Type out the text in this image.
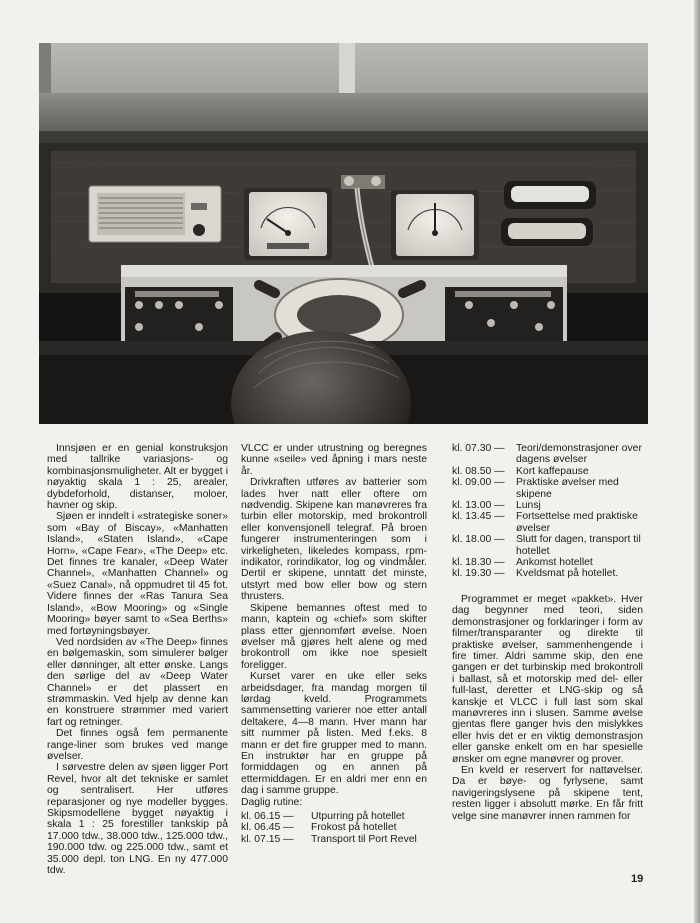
Innsjøen er en genial konstruksjon med tallrike variasjons- og kombinasjonsmuligheter. Alt er bygget i nøyaktig skala 1 : 25, arealer, dybdeforhold, distanser, moloer, havner og skip.

Sjøen er inndelt i «strategiske soner» som «Bay of Biscay», «Manhatten Island», «Staten Island», «Cape Horn», «Cape Fear», «The Deep» etc. Det finnes tre kanaler, «Deep Water Channel», «Manhatten Channel» og «Suez Canal», nå oppmudret til 45 fot. Videre finnes der «Ras Tanura Sea Island», «Bow Mooring» og «Single Mooring» bøyer samt to «Sea Berths» med fortøyningsbøyer.

Ved nordsiden av «The Deep» finnes en bølgemaskin, som simulerer bølger eller dønninger, alt etter ønske. Langs den sørlige del av «Deep Water Channel» er det plassert en strømmaskin. Ved hjelp av denne kan en konstruere strømmer med variert fart og retninger.

Det finnes også fem permanente range-liner som brukes ved mange øvelser.

I sørvestre delen av sjøen ligger Port Revel, hvor alt det tekniske er samlet og sentralisert. Her utføres reparasjoner og nye modeller bygges. Skipsmodellene bygget nøyaktig i skala 1 : 25 forestiller tankskip på 17.000 tdw., 38.000 tdw., 125.000 tdw., 190.000 tdw. og 225.000 tdw., samt et 35.000 depl. ton LNG. En ny 477.000 tdw.

VLCC er under utrustning og beregnes kunne «seile» ved åpning i mars neste år.

Drivkraften utføres av batterier som lades hver natt eller oftere om nødvendig. Skipene kan manøvreres fra turbin eller motorskip, med brokontroll eller konvensjonell telegraf. På broen fungerer instrumenteringen som i virkeligheten, likeledes kompass, rpm-indikator, rorindikator, log og vindmåler. Dertil er skipene, unntatt det minste, utstyrt med bow eller bow og stern thrusters.

Skipene bemannes oftest med to mann, kaptein og «chief» som skifter plass etter gjennomført øvelse. Noen øvelser må gjøres helt alene og med brokontroll om ikke noe spesielt foreligger.

Kurset varer en uke eller seks arbeidsdager, fra mandag morgen til lørdag kveld. Programmets sammensetting varierer noe etter antall deltakere, 4—8 mann. Hver mann har sitt nummer på listen. Med f.eks. 8 mann er det fire grupper med to mann. En instruktør har en gruppe på formiddagen og en annen på ettermiddagen. Er en aldri mer enn en dag i samme gruppe.

Daglig rutine:

kl. 06.15 —	Utpurring på hotellet
kl. 06.45 —	Frokost på hotellet
kl. 07.15 —	Transport til Port Revel
kl. 07.30 —	Teori/demonstrasjoner over dagens øvelser
kl. 08.50 —	Kort kaffepause
kl. 09.00 —	Praktiske øvelser med skipene
kl. 13.00 —	Lunsj
kl. 13.45 —	Fortsettelse med praktiske øvelser
kl. 18.00 —	Slutt for dagen, transport til hotellet
kl. 18.30 —	Ankomst hotellet
kl. 19.30 —	Kveldsmat på hotellet.

Programmet er meget «pakket». Hver dag begynner med teori, siden demonstrasjoner og forklaringer i form av filmer/transparanter og direkte til praktiske øvelser, sammenhengende i fire timer. Aldri samme skip, den ene gangen er det turbinskip med brokontroll i ballast, så et motorskip med del- eller full-last, deretter et LNG-skip og så kanskje et VLCC i full last som skal manøvreres inn i slusen. Samme øvelse gjentas flere ganger hvis den mislykkes eller hvis det er en viktig demonstrasjon eller ganske enkelt om en har spesielle ønsker om egne manøvrer og prover.

En kveld er reservert for nattøvelser. Da er bøye- og fyrlysene, samt navigeringslysene på skipene tent, resten ligger i absolutt mørke. En får fritt velge sine manøvrer innen rammen for

19
